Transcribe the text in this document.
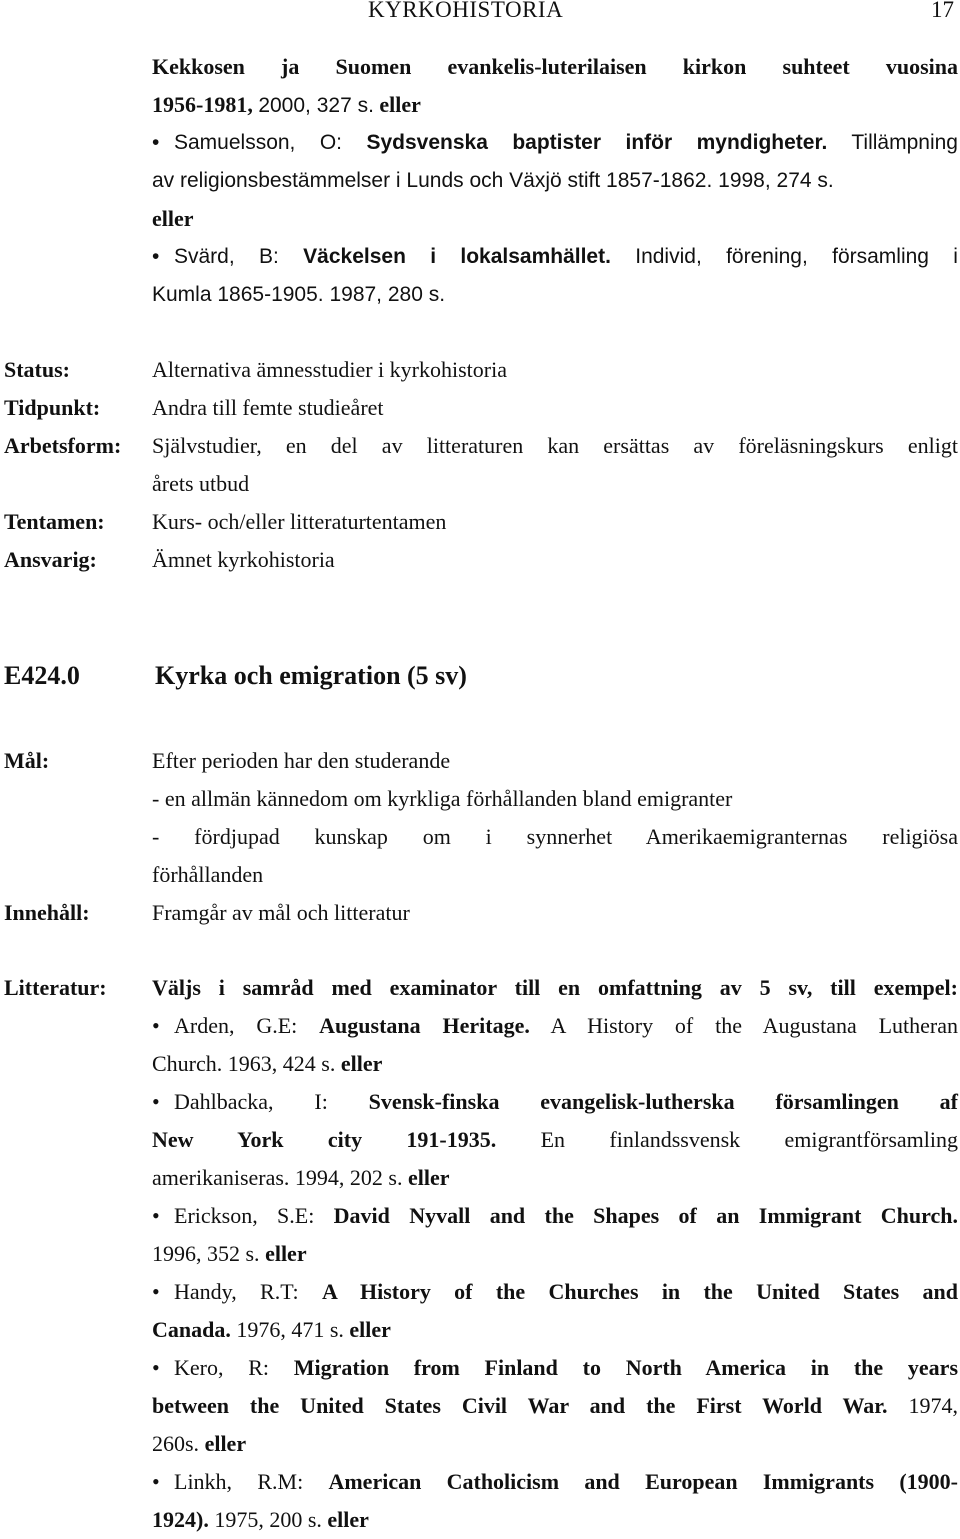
KYRKOHISTORIA	17
Kekkosen ja Suomen evankelis-luterilaisen kirkon suhteet vuosina
1956-1981, 2000, 327 s. eller
• Samuelsson, O: Sydsvenska baptister inför myndigheter. Tillämpning
av religionsbestämmelser i Lunds och Växjö stift 1857-1862. 1998, 274 s.
eller
• Svärd, B: Väckelsen i lokalsamhället. Individ, förening, församling i
Kumla 1865-1905. 1987, 280 s.
Status:	Alternativa ämnesstudier i kyrkohistoria
Tidpunkt: Andra till femte studieåret
Arbetsform: Självstudier, en del av litteraturen kan ersättas av föreläsningskurs enligt
årets utbud
Tentamen: Kurs- och/eller litteraturtentamen
Ansvarig:	Ämnet kyrkohistoria
E424.0	Kyrka och emigration (5 sv)
Mål:	Efter perioden har den studerande
- en allmän kännedom om kyrkliga förhållanden bland emigranter
- fördjupad kunskap om i synnerhet Amerikaemigranternas religiösa
förhållanden
Innehåll:	Framgår av mål och litteratur
Litteratur: Väljs i samråd med examinator till en omfattning av 5 sv, till exempel:
• Arden, G.E: Augustana Heritage. A History of the Augustana Lutheran
Church. 1963, 424 s. eller
• Dahlbacka, I: Svensk-finska evangelisk-lutherska församlingen af
New York city 191-1935. En finlandssvensk emigrantförsamling
amerikaniseras. 1994, 202 s. eller
• Erickson, S.E: David Nyvall and the Shapes of an Immigrant Church.
1996, 352 s. eller
• Handy, R.T: A History of the Churches in the United States and
Canada. 1976, 471 s. eller
• Kero, R: Migration from Finland to North America in the years
between the United States Civil War and the First World War. 1974,
260s. eller
• Linkh, R.M: American Catholicism and European Immigrants (1900-
1924). 1975, 200 s. eller
